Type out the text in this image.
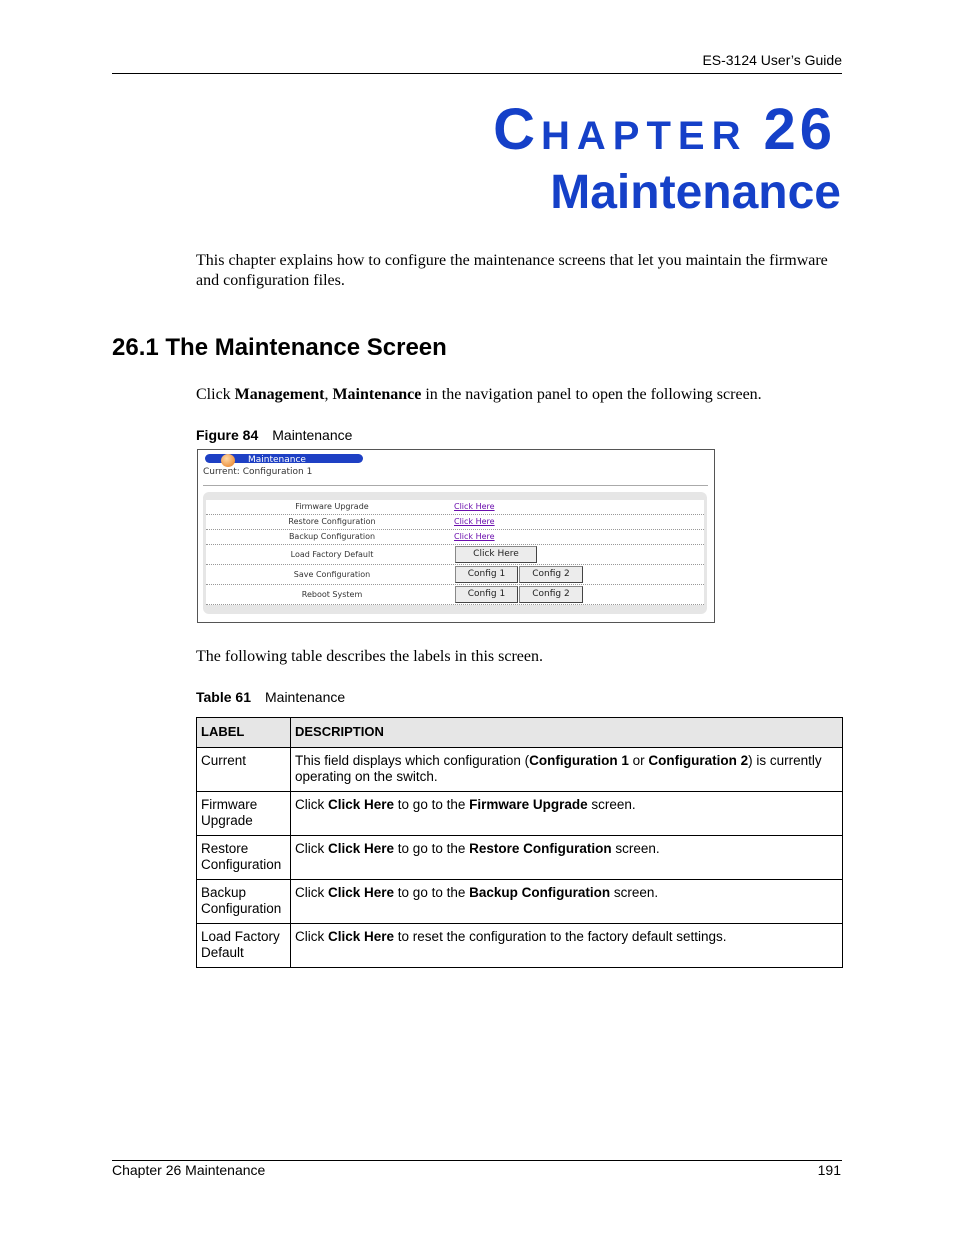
ES-3124 User’s Guide
CHAPTER 26
Maintenance
This chapter explains how to configure the maintenance screens that let you maintain the firmware and configuration files.
26.1 The Maintenance Screen
Click Management, Maintenance in the navigation panel to open the following screen.
Figure 84 Maintenance
Maintenance
Current: Configuration 1
Firmware Upgrade	Click Here
Restore Configuration	Click Here
Backup Configuration	Click Here
Load Factory Default	Click Here
Save Configuration	Config 1	Config 2
Reboot System	Config 1	Config 2
The following table describes the labels in this screen.
Table 61 Maintenance
LABEL	DESCRIPTION
Current	This field displays which configuration (Configuration 1 or Configuration 2) is currently operating on the switch.
Firmware Upgrade	Click Click Here to go to the Firmware Upgrade screen.
Restore Configuration	Click Click Here to go to the Restore Configuration screen.
Backup Configuration	Click Click Here to go to the Backup Configuration screen.
Load Factory Default	Click Click Here to reset the configuration to the factory default settings.
Chapter 26 Maintenance	191
